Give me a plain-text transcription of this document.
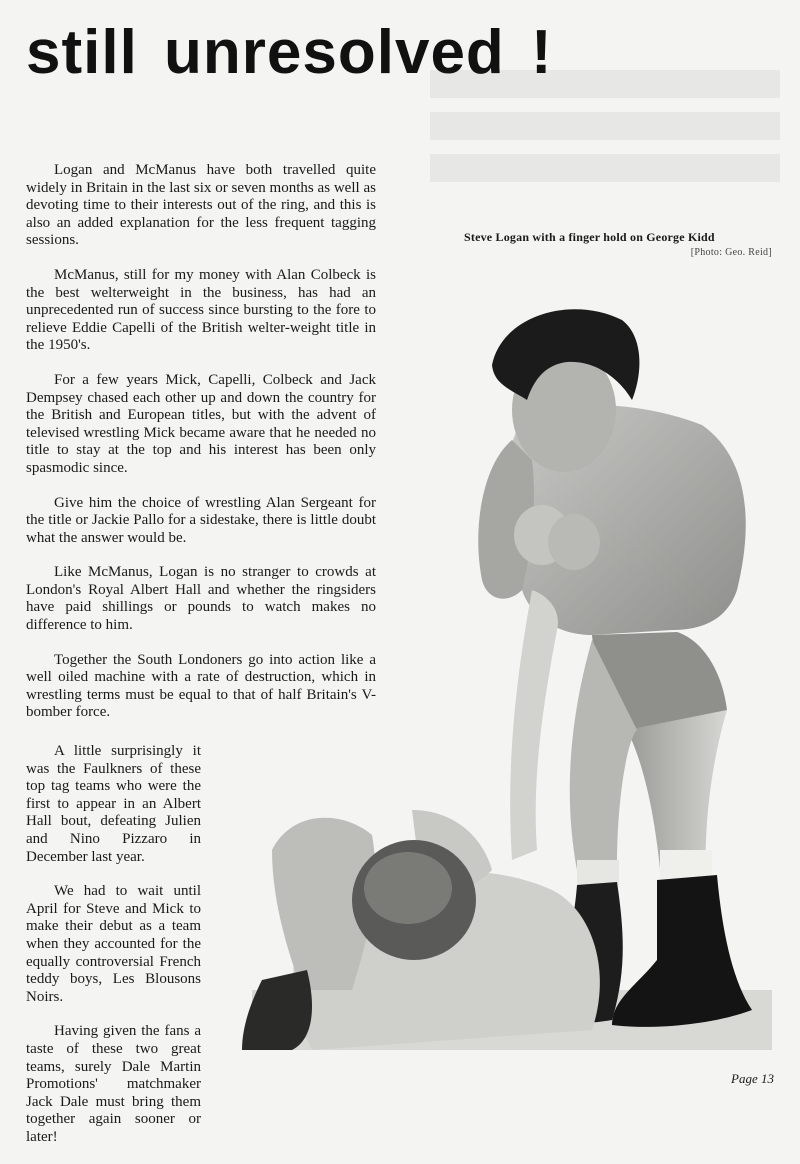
still unresolved !

Logan and McManus have both travelled quite widely in Britain in the last six or seven months as well as devoting time to their interests out of the ring, and this is also an added explanation for the less frequent tagging sessions.

McManus, still for my money with Alan Colbeck is the best welterweight in the business, has had an unprecedented run of success since bursting to the fore to relieve Eddie Capelli of the British welter-weight title in the 1950's.

For a few years Mick, Capelli, Colbeck and Jack Dempsey chased each other up and down the country for the British and European titles, but with the advent of televised wrestling Mick became aware that he needed no title to stay at the top and his interest has been only spasmodic since.

Give him the choice of wrestling Alan Sergeant for the title or Jackie Pallo for a sidestake, there is little doubt what the answer would be.

Like McManus, Logan is no stranger to crowds at London's Royal Albert Hall and whether the ringsiders have paid shillings or pounds to watch makes no difference to him.

Together the South Londoners go into action like a well oiled machine with a rate of destruction, which in wrestling terms must be equal to that of half Britain's V-bomber force.

A little surprisingly it was the Faulkners of these top tag teams who were the first to appear in an Albert Hall bout, defeating Julien and Nino Pizzaro in December last year.

We had to wait until April for Steve and Mick to make their debut as a team when they accounted for the equally controversial French teddy boys, Les Blousons Noirs.

Having given the fans a taste of these two great teams, surely Dale Martin Promotions' matchmaker Jack Dale must bring them together again sooner or later!

Steve Logan with a finger hold on George Kidd

[Photo: Geo. Reid]
Page 13
